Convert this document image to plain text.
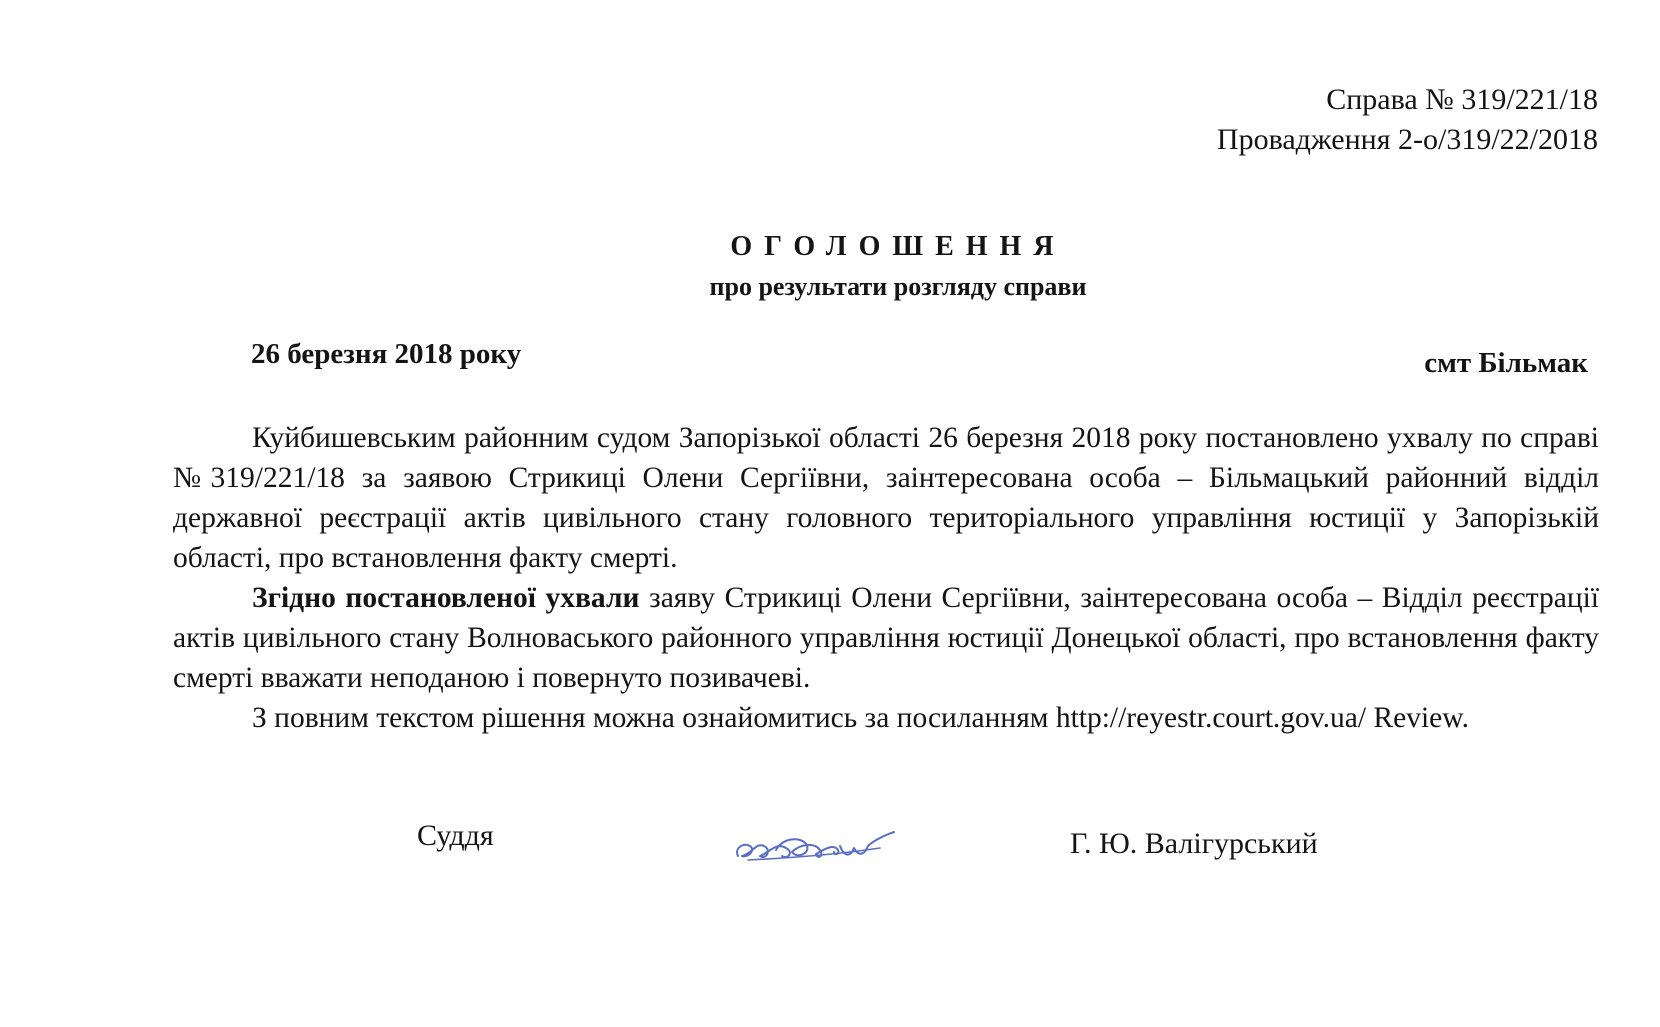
Справа № 319/221/18
Провадження 2-о/319/22/2018
ОГОЛОШЕННЯ
про результати розгляду справи
26 березня 2018 року	смт Більмак

Куйбишевським районним судом Запорізької області 26 березня 2018 року постановлено ухвалу по справі №319/221/18 за заявою Стрикиці Олени Сергіївни, заінтересована особа – Більмацький районний відділ державної реєстрації актів цивільного стану головного територіального управління юстиції у Запорізькій області, про встановлення факту смерті.

Згідно постановленої ухвали заяву Стрикиці Олени Сергіївни, заінтересована особа – Відділ реєстрації актів цивільного стану Волноваського районного управління юстиції Донецької області, про встановлення факту смерті вважати неподаною і повернуто позивачеві.

З повним текстом рішення можна ознайомитись за посиланням http://reyestr.court.gov.ua/ Review.

Суддя	Г. Ю. Валігурський
